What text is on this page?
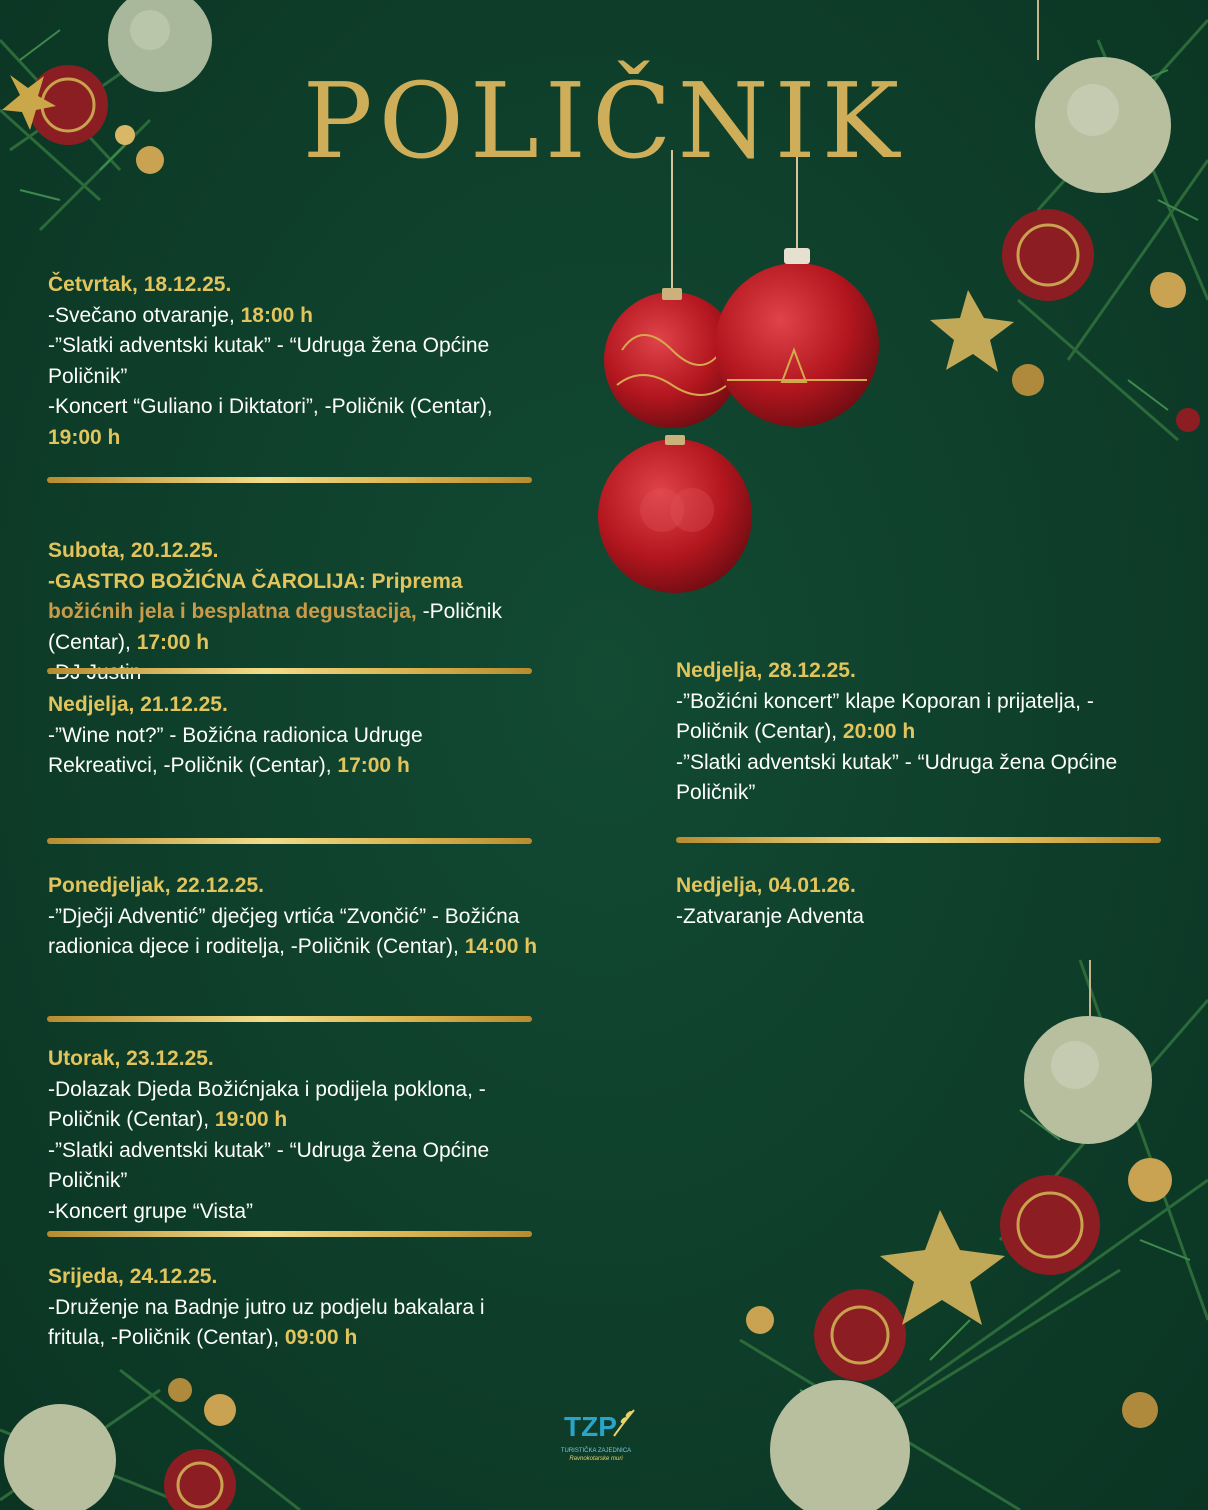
POLIČNIK
Četvrtak, 18.12.25.
-Svečano otvaranje, 18:00 h
-”Slatki adventski kutak” - “Udruga žena Općine Poličnik”
-Koncert “Guliano i Diktatori”, -Poličnik (Centar), 19:00 h
Subota, 20.12.25.
-GASTRO BOŽIĆNA ČAROLIJA: Priprema božićnih jela i besplatna degustacija, -Poličnik (Centar), 17:00 h
Nedjelja, 21.12.25.
-”Wine not?” - Božićna radionica Udruge Rekreativci, -Poličnik (Centar), 17:00 h
Ponedjeljak, 22.12.25.
-”Dječji Adventić” dječjeg vrtića “Zvončić” - Božićna radionica djece i roditelja, -Poličnik (Centar), 14:00 h
Utorak, 23.12.25.
-Dolazak Djeda Božićnjaka i podijela poklona, -Poličnik (Centar), 19:00 h
-”Slatki adventski kutak” - “Udruga žena Općine Poličnik”
-Koncert grupe “Vista”
Srijeda, 24.12.25.
-Druženje na Badnje jutro uz podjelu bakalara i fritula, -Poličnik (Centar), 09:00 h
Nedjelja, 28.12.25.
-”Božićni koncert” klape Koporan i prijatelja, -Poličnik (Centar), 20:00 h
-”Slatki adventski kutak” - “Udruga žena Općine Poličnik”
Nedjelja, 04.01.26.
-Zatvaranje Adventa
TZP
TURISTIČKA ZAJEDNICA
Ravnokotarske muri
